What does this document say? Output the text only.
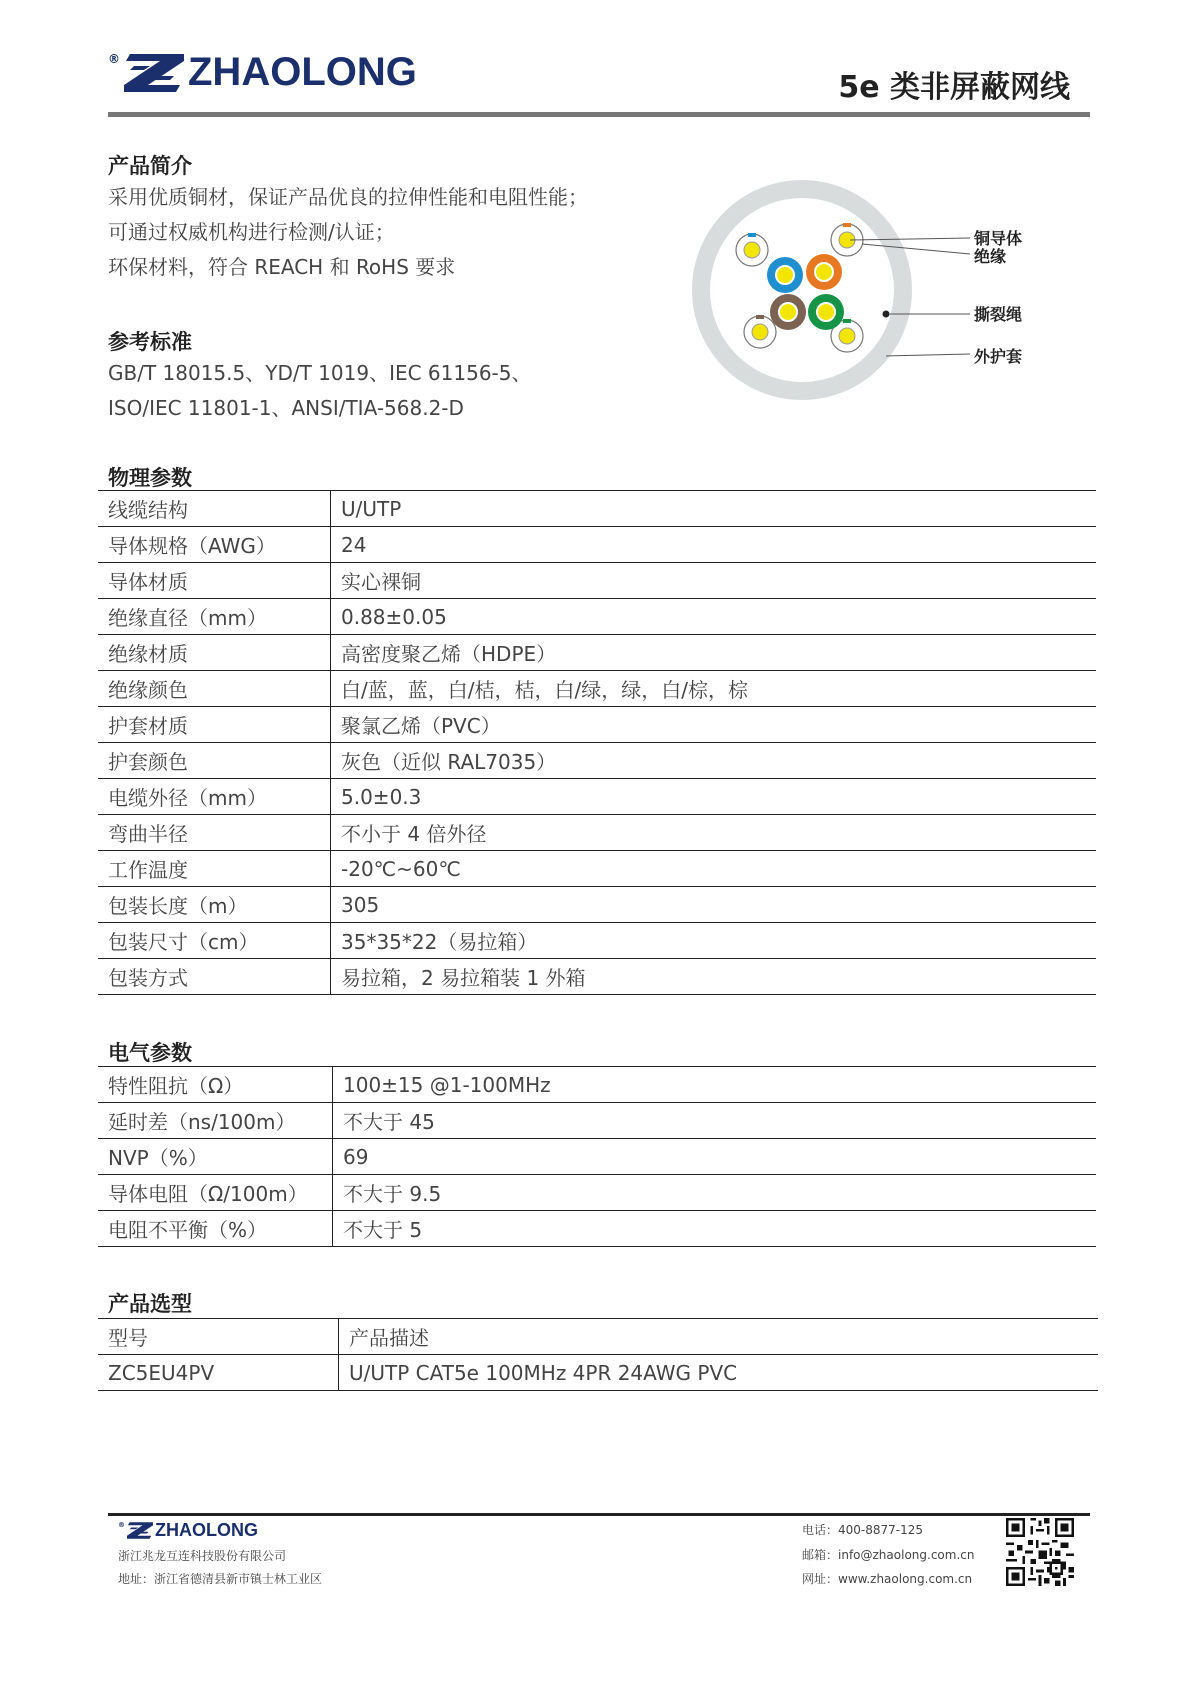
® ZHAOLONG	5e 类非屏蔽网线
产品简介
采用优质铜材，保证产品优良的拉伸性能和电阻性能；
可通过权威机构进行检测/认证；
环保材料，符合 REACH 和 RoHS 要求
参考标准
GB/T 18015.5、YD/T 1019、IEC 61156-5、
ISO/IEC 11801-1、ANSI/TIA-568.2-D
铜导体
绝缘
撕裂绳
外护套
物理参数
线缆结构	U/UTP
导体规格（AWG）	24
导体材质	实心裸铜
绝缘直径（mm）	0.88±0.05
绝缘材质	高密度聚乙烯（HDPE）
绝缘颜色	白/蓝，蓝，白/桔，桔，白/绿，绿，白/棕，棕
护套材质	聚氯乙烯（PVC）
护套颜色	灰色（近似 RAL7035）
电缆外径（mm）	5.0±0.3
弯曲半径	不小于 4 倍外径
工作温度	-20℃~60℃
包装长度（m）	305
包装尺寸（cm）	35*35*22（易拉箱）
包装方式	易拉箱，2 易拉箱装 1 外箱
电气参数
特性阻抗（Ω）	100±15 @1-100MHz
延时差（ns/100m）	不大于 45
NVP（%）	69
导体电阻（Ω/100m）	不大于 9.5
电阻不平衡（%）	不大于 5
产品选型
型号	产品描述
ZC5EU4PV	U/UTP CAT5e 100MHz 4PR 24AWG PVC
® ZHAOLONG
浙江兆龙互连科技股份有限公司
地址：浙江省德清县新市镇士林工业区
电话：400-8877-125
邮箱：info@zhaolong.com.cn
网址：www.zhaolong.com.cn
